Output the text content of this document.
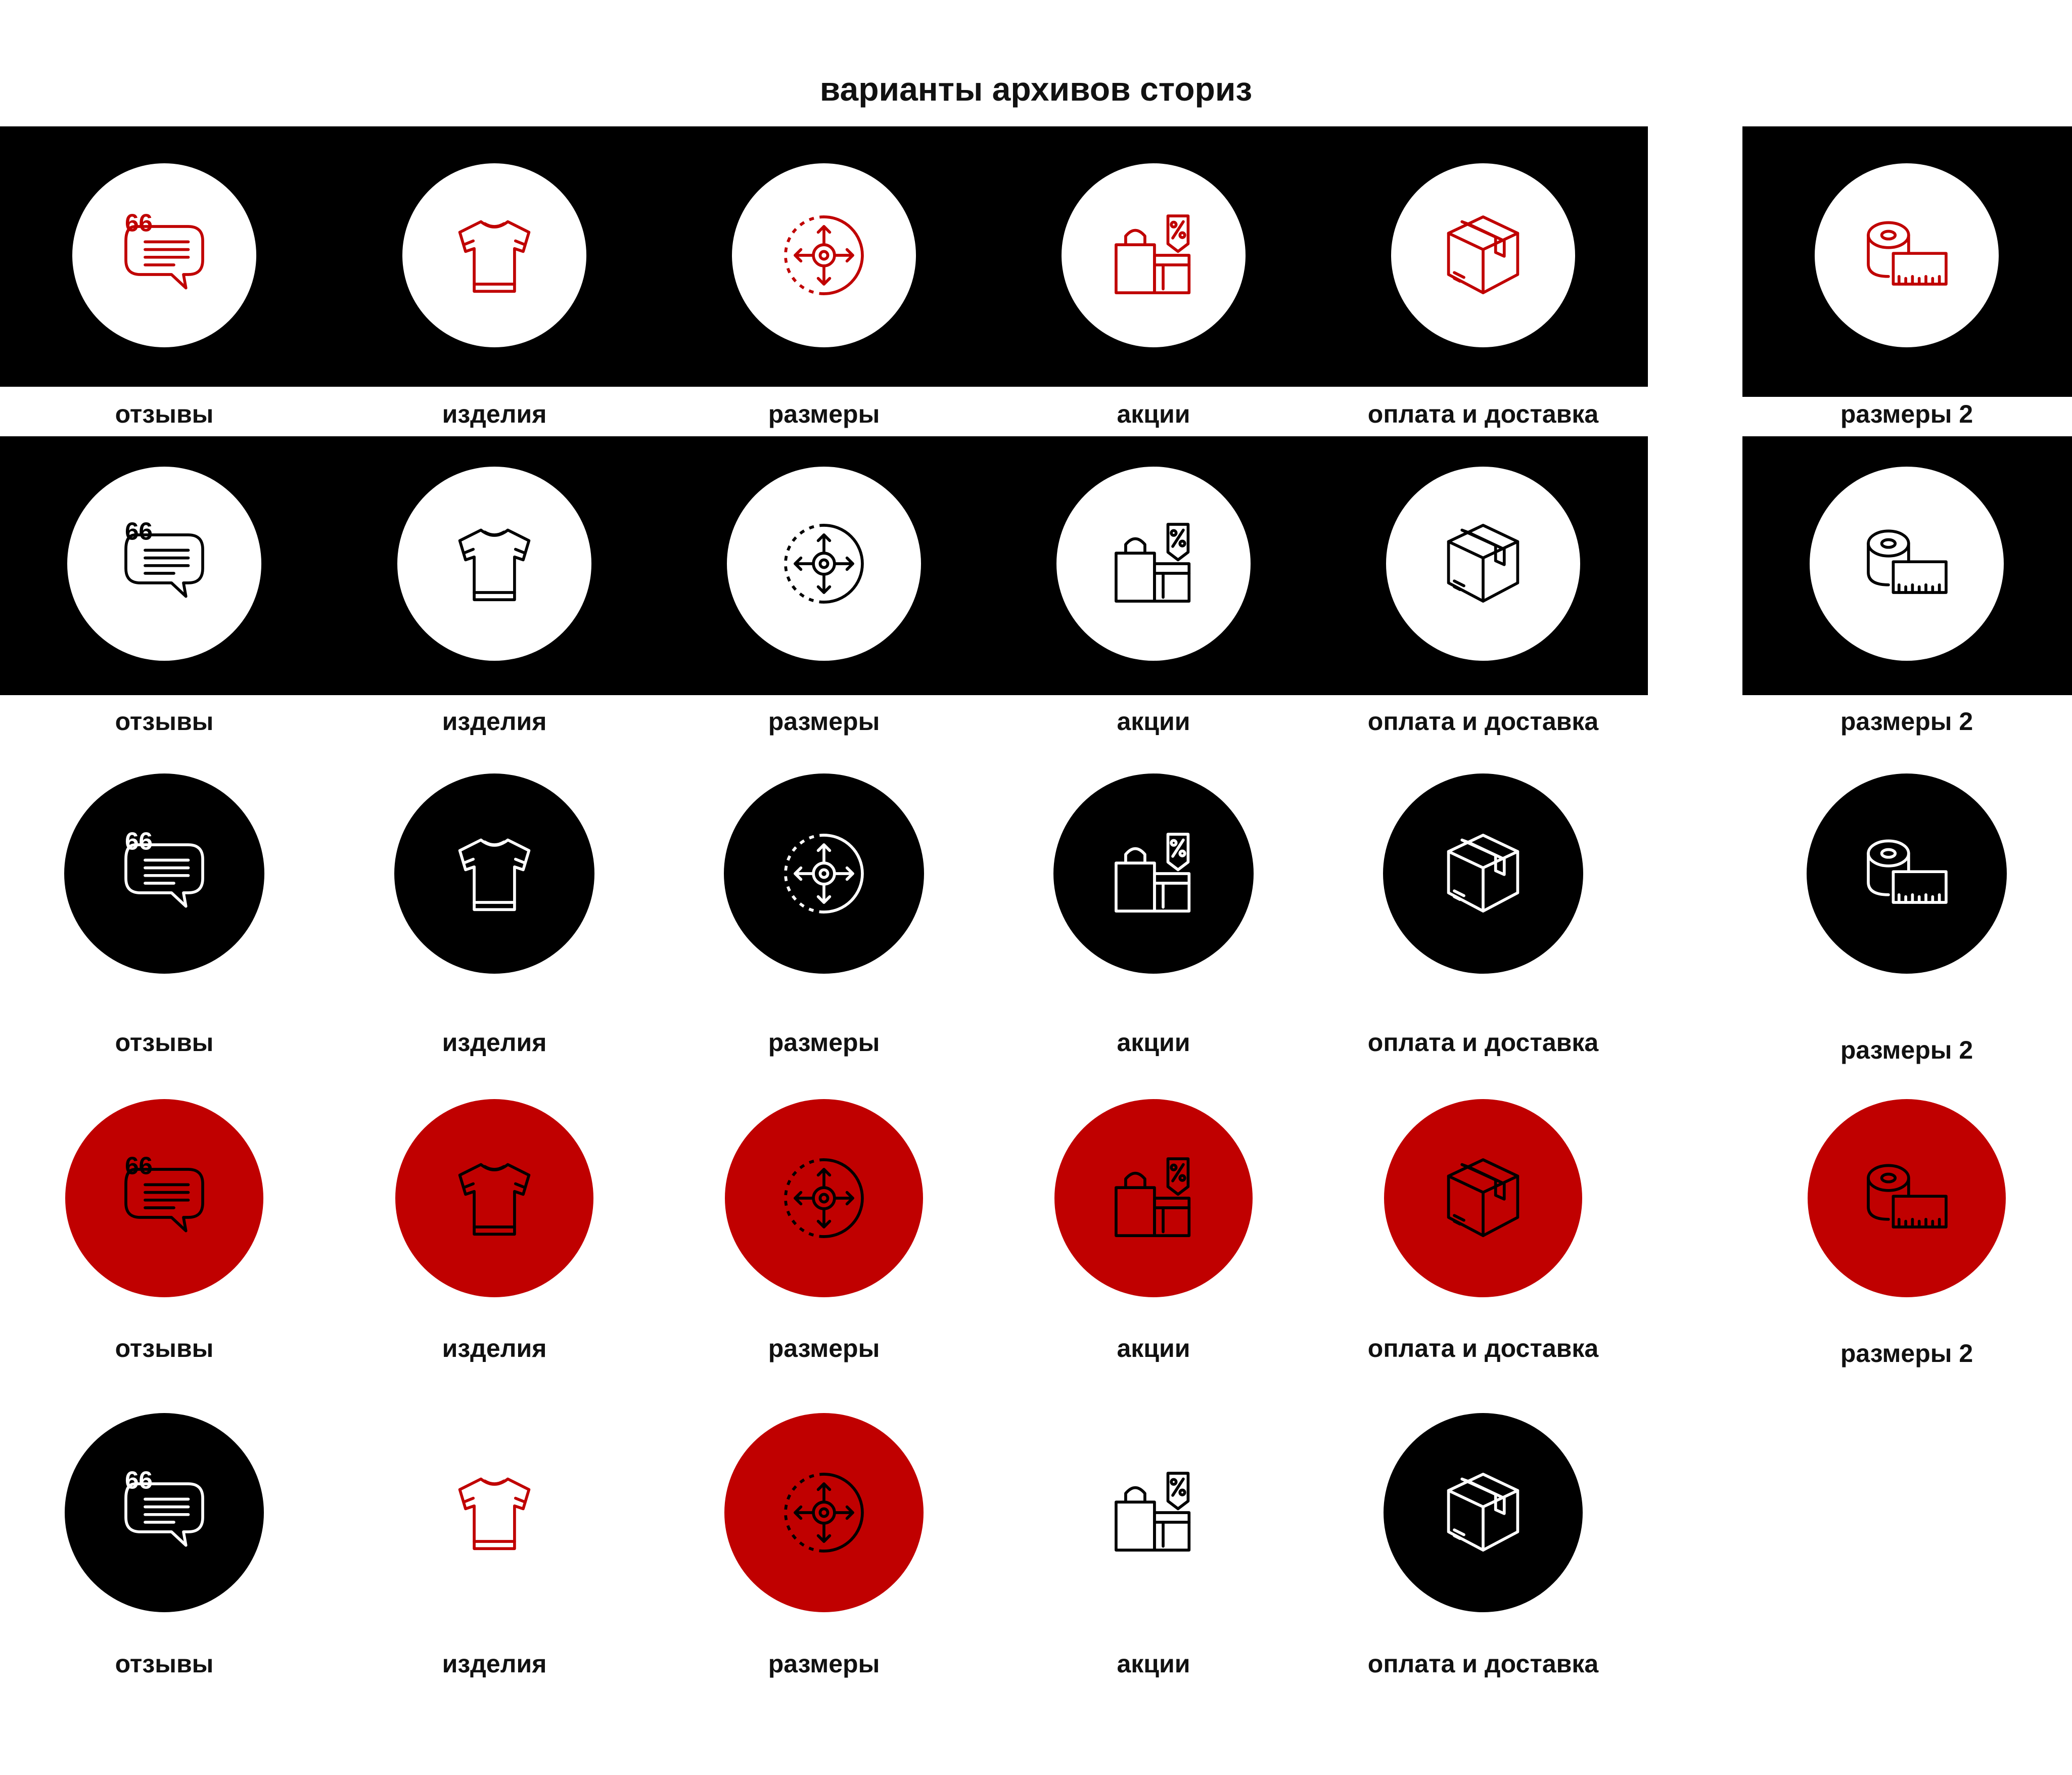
варианты архивов сториз
66
отзывы	изделия	размеры	акции	оплата и доставка	размеры 2
66
отзывы	изделия	размеры	акции	оплата и доставка	размеры 2
66
отзывы	изделия	размеры	акции	оплата и доставка	размеры 2
66
отзывы	изделия	размеры	акции	оплата и доставка	размеры 2
66
отзывы	изделия	размеры	акции	оплата и доставка
